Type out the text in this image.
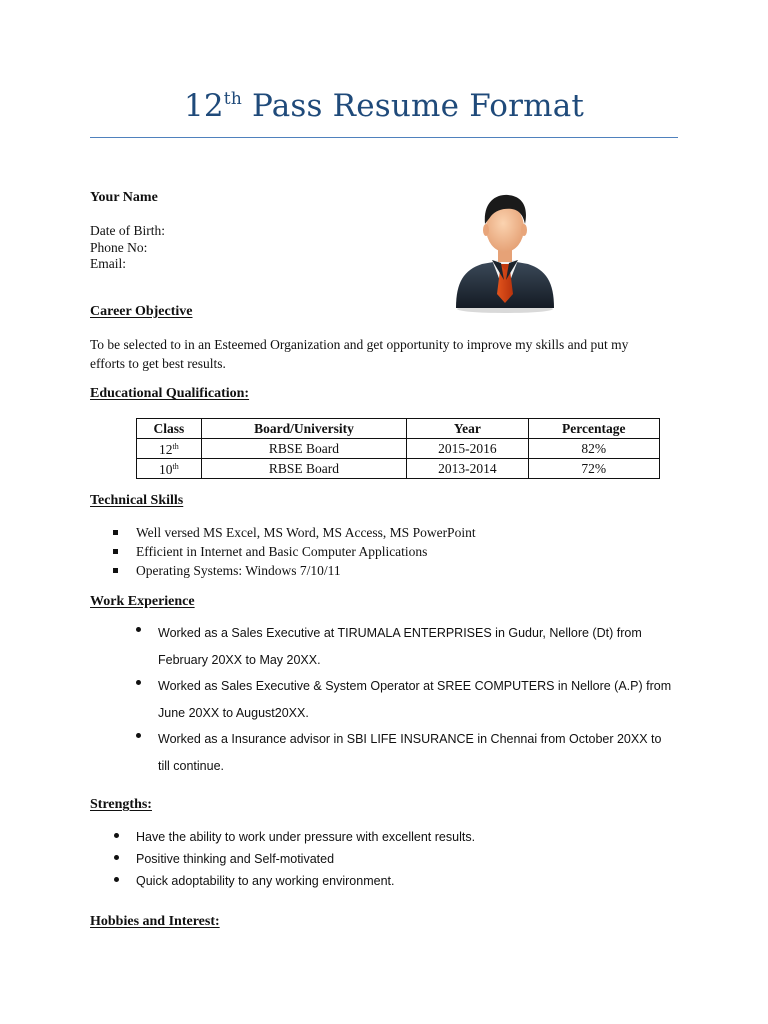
12th Pass Resume Format
Your Name
Date of Birth:
Phone No:
Email:
Career Objective
To be selected to in an Esteemed Organization and get opportunity to improve my skills and put my efforts to get best results.
Educational Qualification:
Class	Board/University	Year	Percentage
12th	RBSE Board	2015-2016	82%
10th	RBSE Board	2013-2014	72%
Technical Skills
Well versed MS Excel, MS Word, MS Access, MS PowerPoint
Efficient in Internet and Basic Computer Applications
Operating Systems: Windows 7/10/11
Work Experience
Worked as a Sales Executive at TIRUMALA ENTERPRISES in Gudur, Nellore (Dt) from February 20XX to May 20XX.
Worked as Sales Executive & System Operator at SREE COMPUTERS in Nellore (A.P) from June 20XX to August20XX.
Worked as a Insurance advisor in SBI LIFE INSURANCE in Chennai from October 20XX to till continue.
Strengths:
Have the ability to work under pressure with excellent results.
Positive thinking and Self-motivated
Quick adoptability to any working environment.
Hobbies and Interest:
